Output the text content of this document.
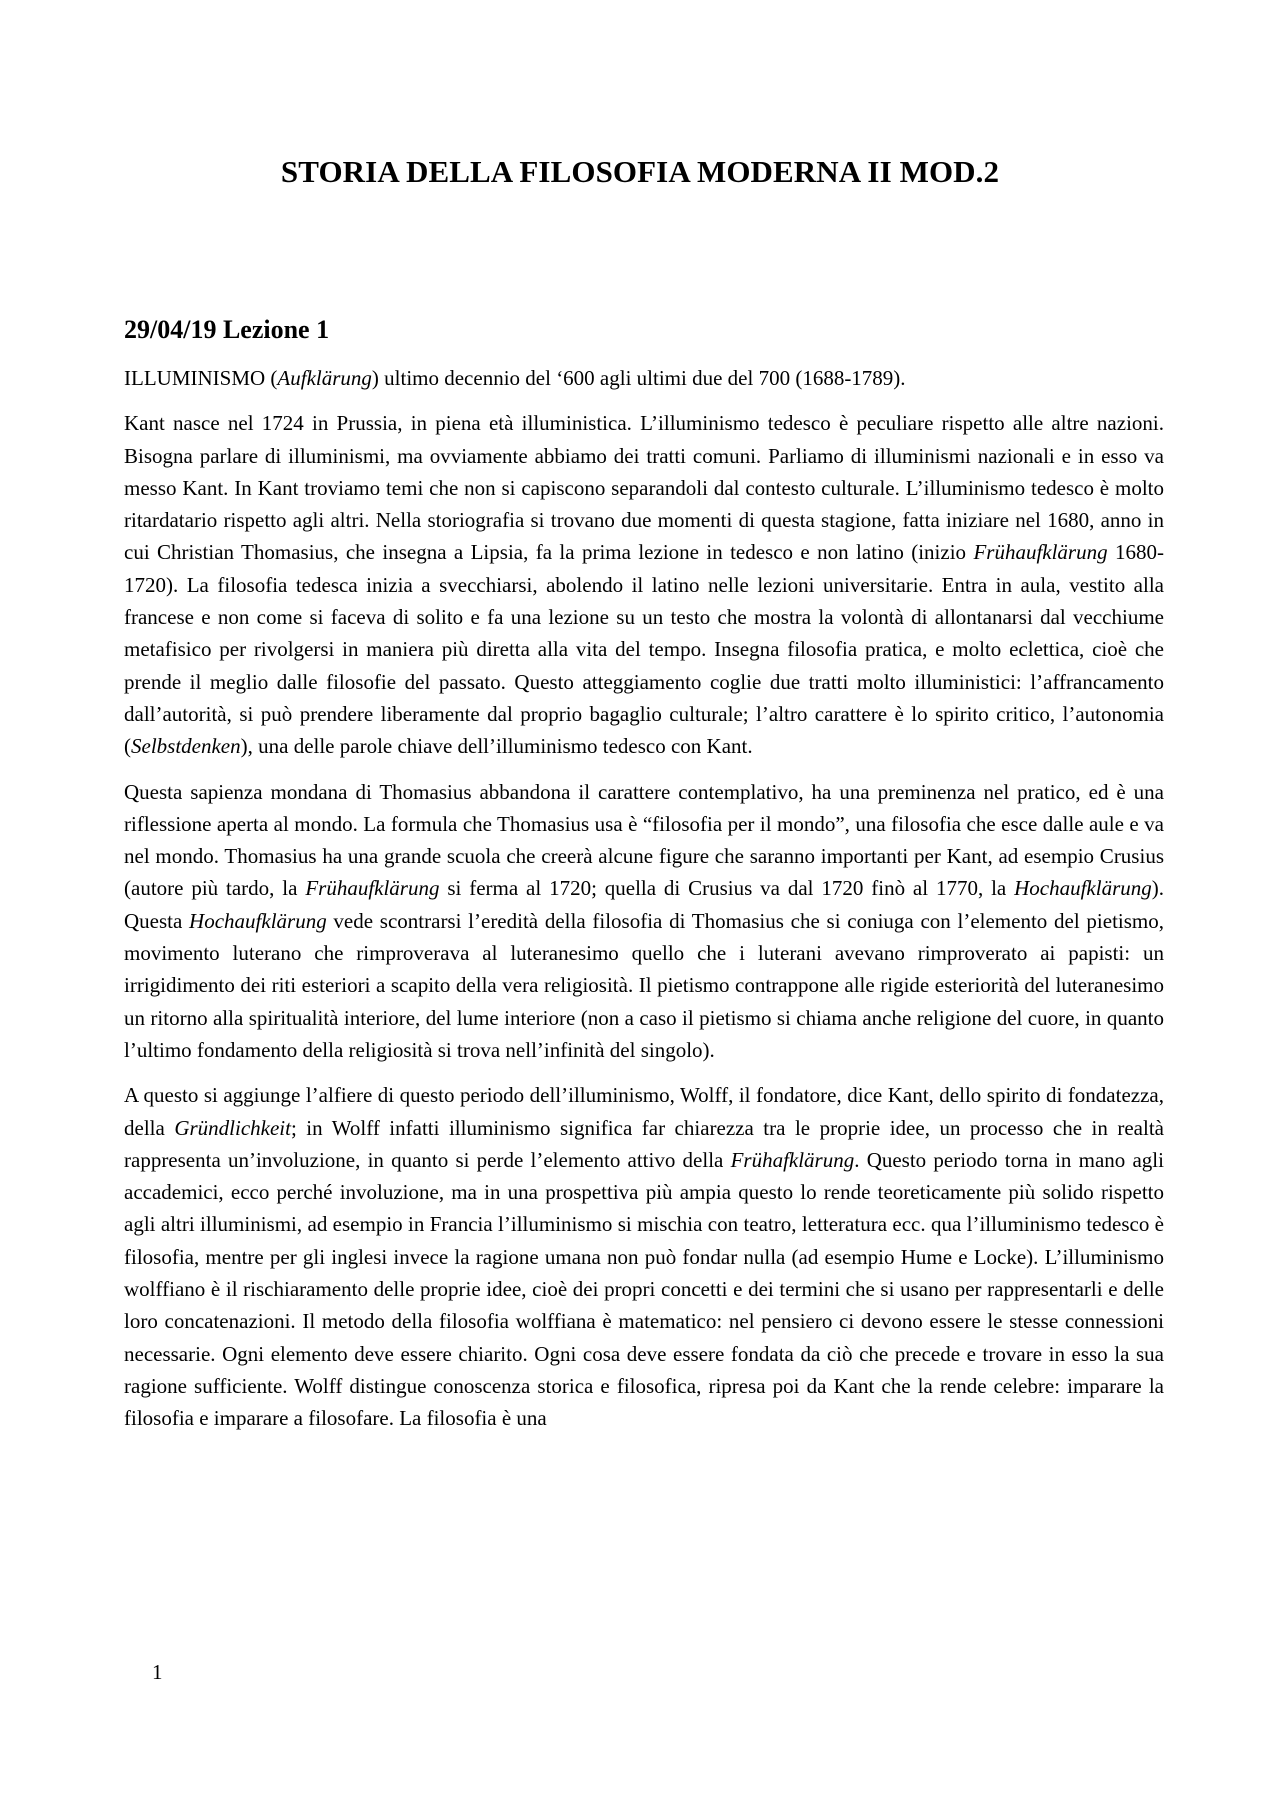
STORIA DELLA FILOSOFIA MODERNA II MOD.2
29/04/19 Lezione 1

ILLUMINISMO (Aufklärung) ultimo decennio del ‘600 agli ultimi due del 700 (1688-1789).

Kant nasce nel 1724 in Prussia, in piena età illuministica. L’illuminismo tedesco è peculiare rispetto alle altre nazioni. Bisogna parlare di illuminismi, ma ovviamente abbiamo dei tratti comuni. Parliamo di illuminismi nazionali e in esso va messo Kant. In Kant troviamo temi che non si capiscono separandoli dal contesto culturale. L’illuminismo tedesco è molto ritardatario rispetto agli altri. Nella storiografia si trovano due momenti di questa stagione, fatta iniziare nel 1680, anno in cui Christian Thomasius, che insegna a Lipsia, fa la prima lezione in tedesco e non latino (inizio Frühaufklärung 1680-1720). La filosofia tedesca inizia a svecchiarsi, abolendo il latino nelle lezioni universitarie. Entra in aula, vestito alla francese e non come si faceva di solito e fa una lezione su un testo che mostra la volontà di allontanarsi dal vecchiume metafisico per rivolgersi in maniera più diretta alla vita del tempo. Insegna filosofia pratica, e molto eclettica, cioè che prende il meglio dalle filosofie del passato. Questo atteggiamento coglie due tratti molto illuministici: l’affrancamento dall’autorità, si può prendere liberamente dal proprio bagaglio culturale; l’altro carattere è lo spirito critico, l’autonomia (Selbstdenken), una delle parole chiave dell’illuminismo tedesco con Kant.

Questa sapienza mondana di Thomasius abbandona il carattere contemplativo, ha una preminenza nel pratico, ed è una riflessione aperta al mondo. La formula che Thomasius usa è “filosofia per il mondo”, una filosofia che esce dalle aule e va nel mondo. Thomasius ha una grande scuola che creerà alcune figure che saranno importanti per Kant, ad esempio Crusius (autore più tardo, la Frühaufklärung si ferma al 1720; quella di Crusius va dal 1720 finò al 1770, la Hochaufklärung). Questa Hochaufklärung vede scontrarsi l’eredità della filosofia di Thomasius che si coniuga con l’elemento del pietismo, movimento luterano che rimproverava al luteranesimo quello che i luterani avevano rimproverato ai papisti: un irrigidimento dei riti esteriori a scapito della vera religiosità. Il pietismo contrappone alle rigide esteriorità del luteranesimo un ritorno alla spiritualità interiore, del lume interiore (non a caso il pietismo si chiama anche religione del cuore, in quanto l’ultimo fondamento della religiosità si trova nell’infinità del singolo).

A questo si aggiunge l’alfiere di questo periodo dell’illuminismo, Wolff, il fondatore, dice Kant, dello spirito di fondatezza, della Gründlichkeit; in Wolff infatti illuminismo significa far chiarezza tra le proprie idee, un processo che in realtà rappresenta un’involuzione, in quanto si perde l’elemento attivo della Frühafklärung. Questo periodo torna in mano agli accademici, ecco perché involuzione, ma in una prospettiva più ampia questo lo rende teoreticamente più solido rispetto agli altri illuminismi, ad esempio in Francia l’illuminismo si mischia con teatro, letteratura ecc. qua l’illuminismo tedesco è filosofia, mentre per gli inglesi invece la ragione umana non può fondar nulla (ad esempio Hume e Locke). L’illuminismo wolffiano è il rischiaramento delle proprie idee, cioè dei propri concetti e dei termini che si usano per rappresentarli e delle loro concatenazioni. Il metodo della filosofia wolffiana è matematico: nel pensiero ci devono essere le stesse connessioni necessarie. Ogni elemento deve essere chiarito. Ogni cosa deve essere fondata da ciò che precede e trovare in esso la sua ragione sufficiente. Wolff distingue conoscenza storica e filosofica, ripresa poi da Kant che la rende celebre: imparare la filosofia e imparare a filosofare. La filosofia è una

1
